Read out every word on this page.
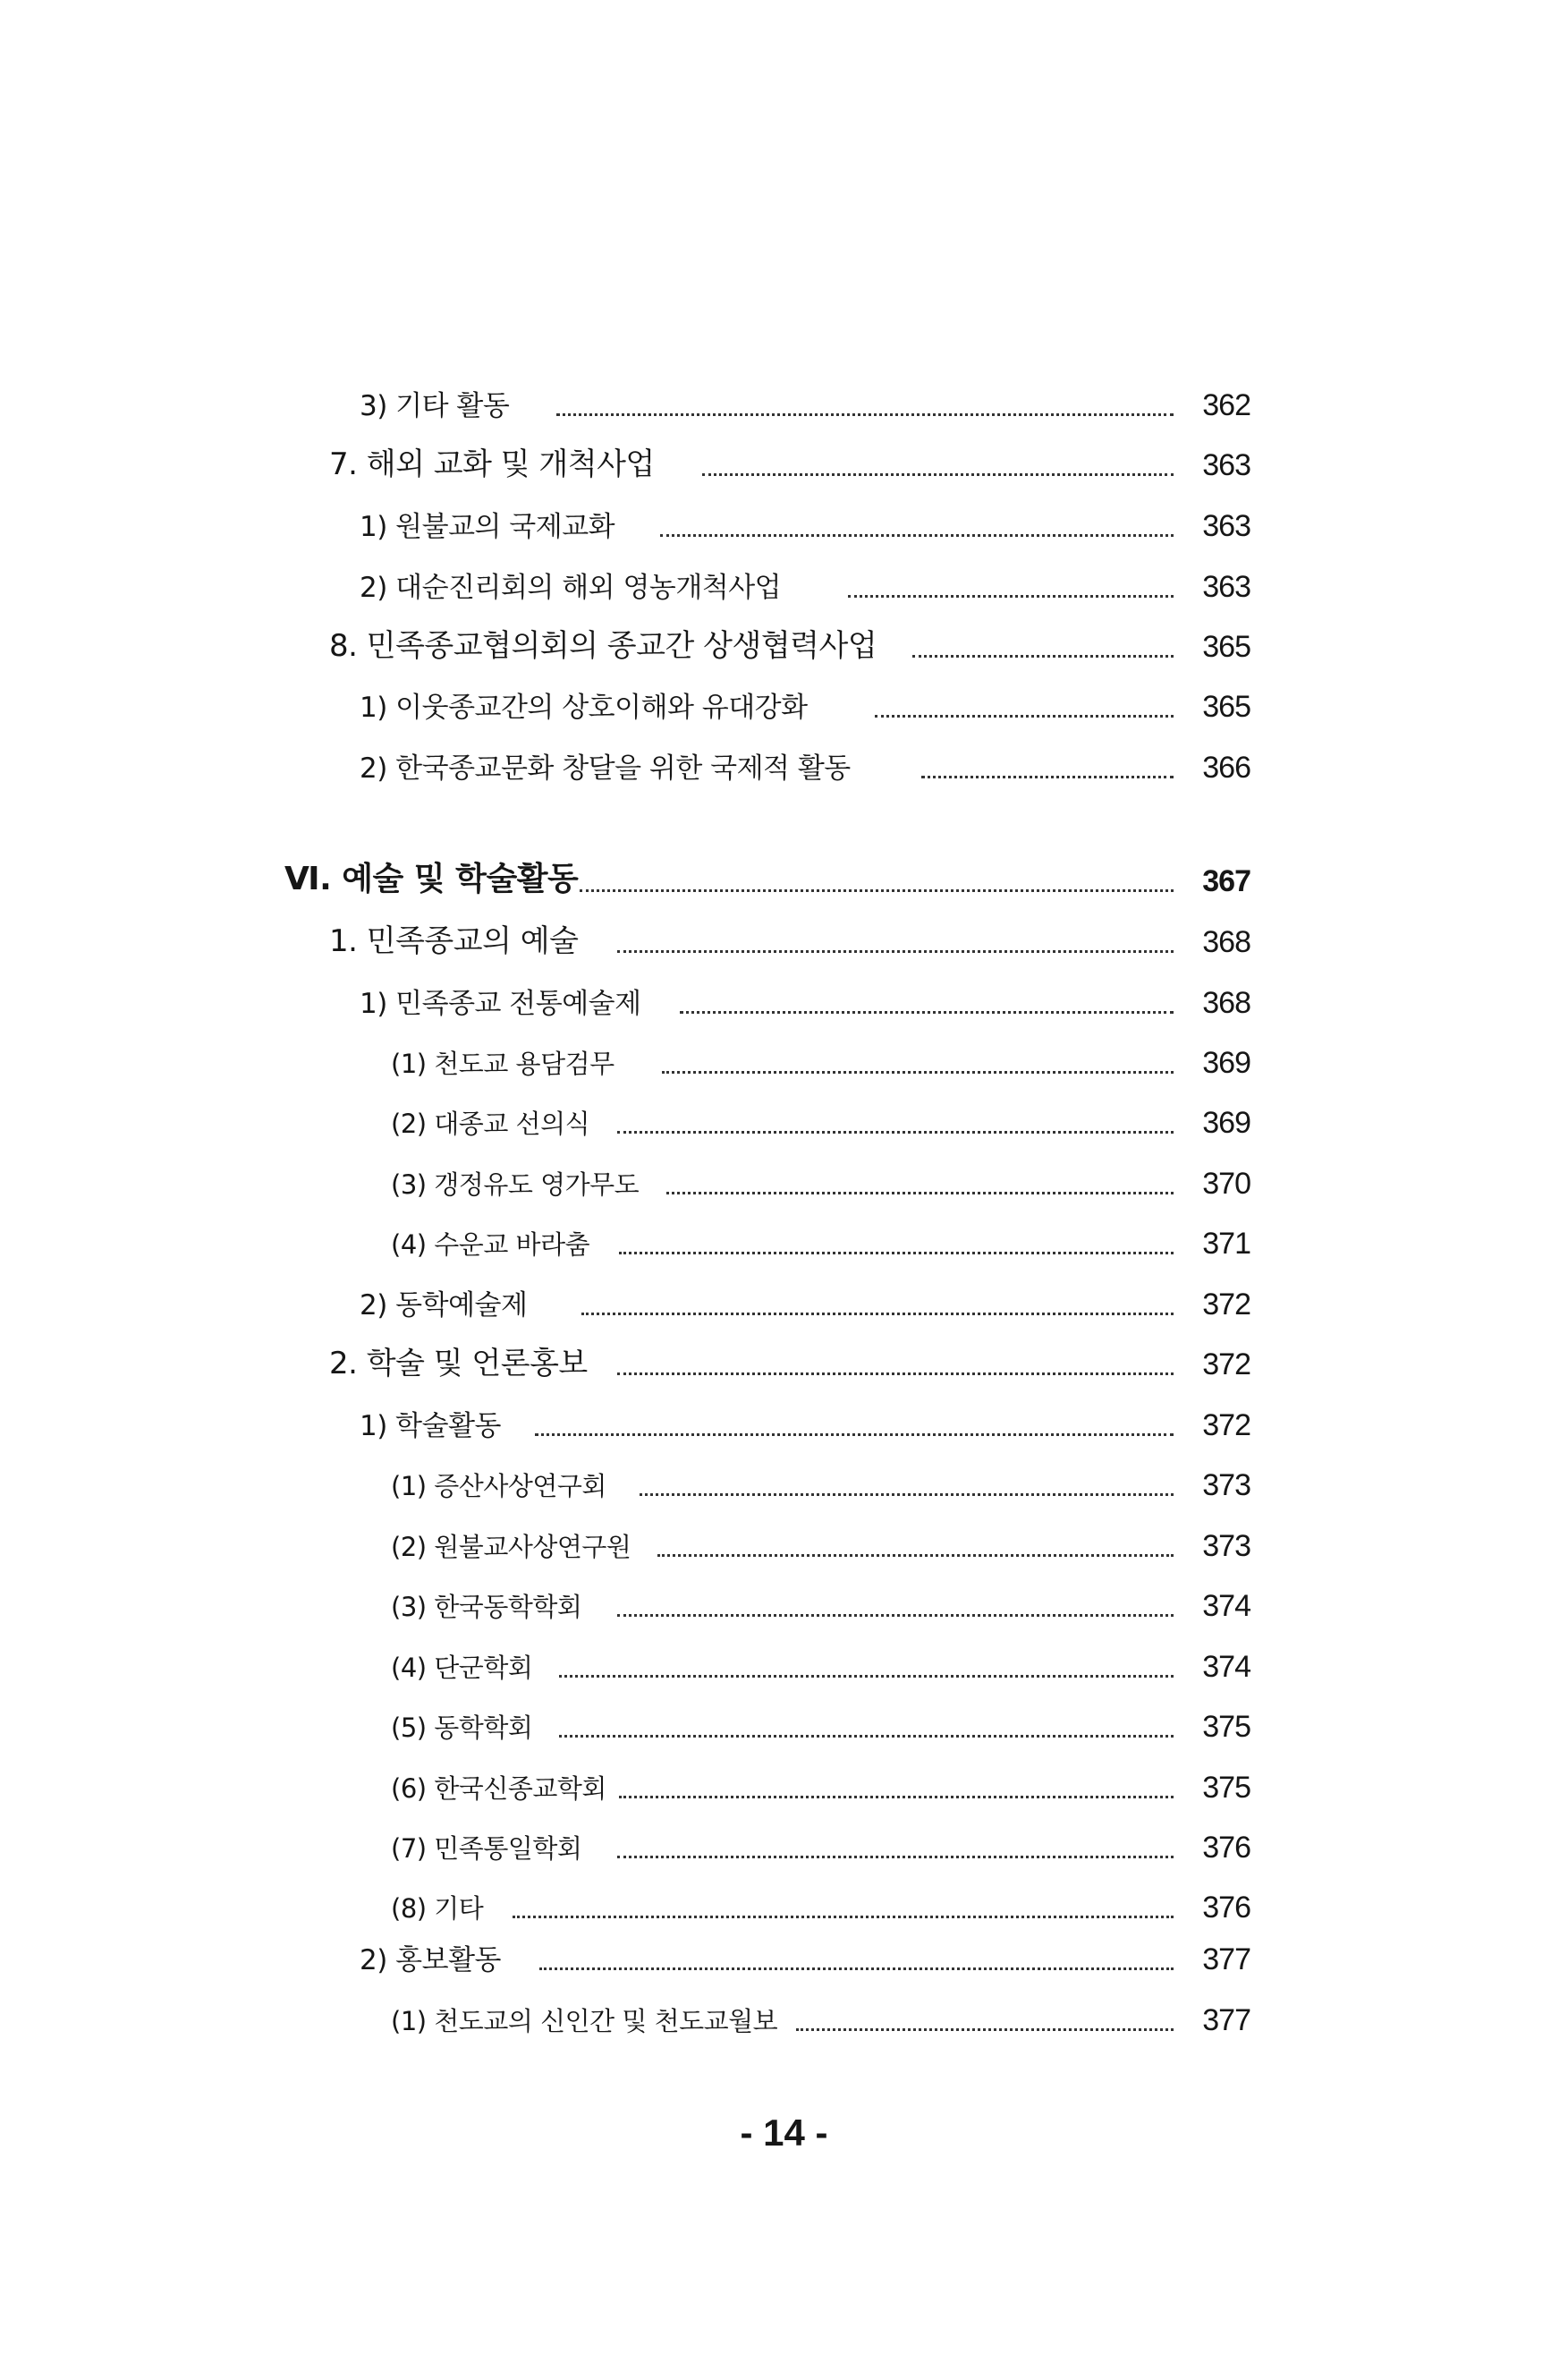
3) 기타 활동	362
7. 해외 교화 및 개척사업	363
1) 원불교의 국제교화	363
2) 대순진리회의 해외 영농개척사업	363
8. 민족종교협의회의 종교간 상생협력사업	365
1) 이웃종교간의 상호이해와 유대강화	365
2) 한국종교문화 창달을 위한 국제적 활동	366
Ⅵ. 예술 및 학술활동	367
1. 민족종교의 예술	368
1) 민족종교 전통예술제	368
(1) 천도교 용담검무	369
(2) 대종교 선의식	369
(3) 갱정유도 영가무도	370
(4) 수운교 바라춤	371
2) 동학예술제	372
2. 학술 및 언론홍보	372
1) 학술활동	372
(1) 증산사상연구회	373
(2) 원불교사상연구원	373
(3) 한국동학학회	374
(4) 단군학회	374
(5) 동학학회	375
(6) 한국신종교학회	375
(7) 민족통일학회	376
(8) 기타	376
2) 홍보활동	377
(1) 천도교의 신인간 및 천도교월보	377
- 14 -
